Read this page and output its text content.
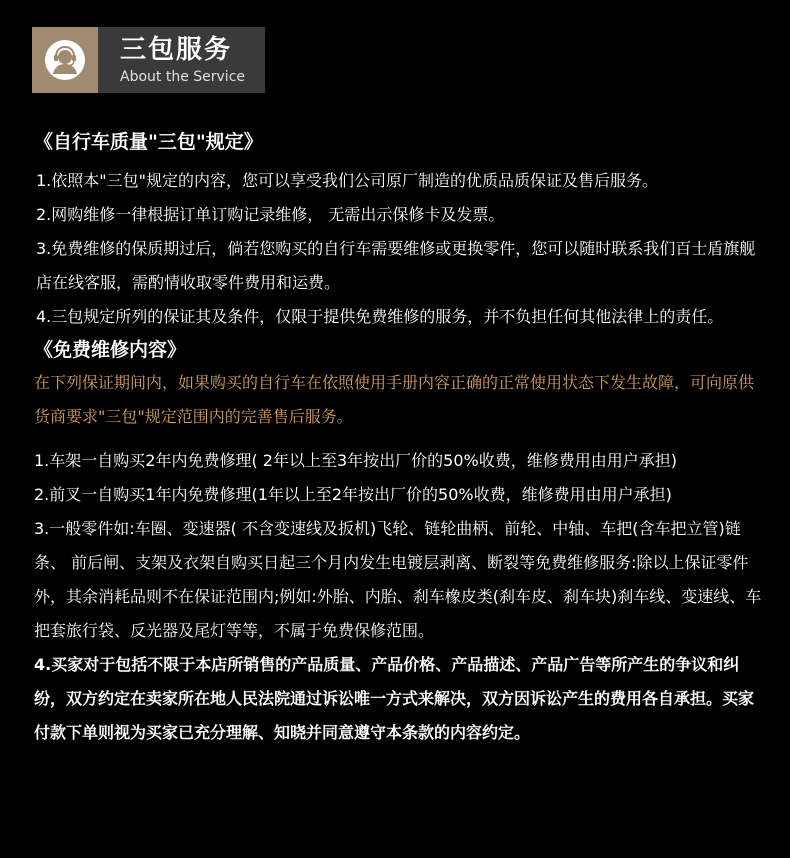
三包服务
About the Service

《自行车质量"三包"规定》

1.依照本"三包"规定的内容，您可以享受我们公司原厂制造的优质品质保证及售后服务。

2.网购维修一律根据订单订购记录维修， 无需出示保修卡及发票。

3.免费维修的保质期过后，倘若您购买的自行车需要维修或更换零件，您可以随时联系我们百士盾旗舰店在线客服，需酌情收取零件费用和运费。

4.三包规定所列的保证其及条件，仅限于提供免费维修的服务，并不负担任何其他法律上的责任。

《免费维修内容》

在下列保证期间内，如果购买的自行车在依照使用手册内容正确的正常使用状态下发生故障，可向原供货商要求"三包"规定范围内的完善售后服务。

1.车架一自购买2年内免费修理( 2年以上至3年按出厂价的50%收费，维修费用由用户承担)

2.前叉一自购买1年内免费修理(1年以上至2年按出厂价的50%收费，维修费用由用户承担)

3.一般零件如:车圈、变速器( 不含变速线及扳机)飞轮、链轮曲柄、前轮、中轴、车把(含车把立管)链条、 前后闸、支架及衣架自购买日起三个月内发生电镀层剥离、断裂等免费维修服务:除以上保证零件外，其余消耗品则不在保证范围内;例如:外胎、内胎、刹车橡皮类(刹车皮、刹车块)刹车线、变速线、车把套旅行袋、反光器及尾灯等等，不属于免费保修范围。

4.买家对于包括不限于本店所销售的产品质量、产品价格、产品描述、产品广告等所产生的争议和纠纷，双方约定在卖家所在地人民法院通过诉讼唯一方式来解决，双方因诉讼产生的费用各自承担。买家付款下单则视为买家已充分理解、知晓并同意遵守本条款的内容约定。
